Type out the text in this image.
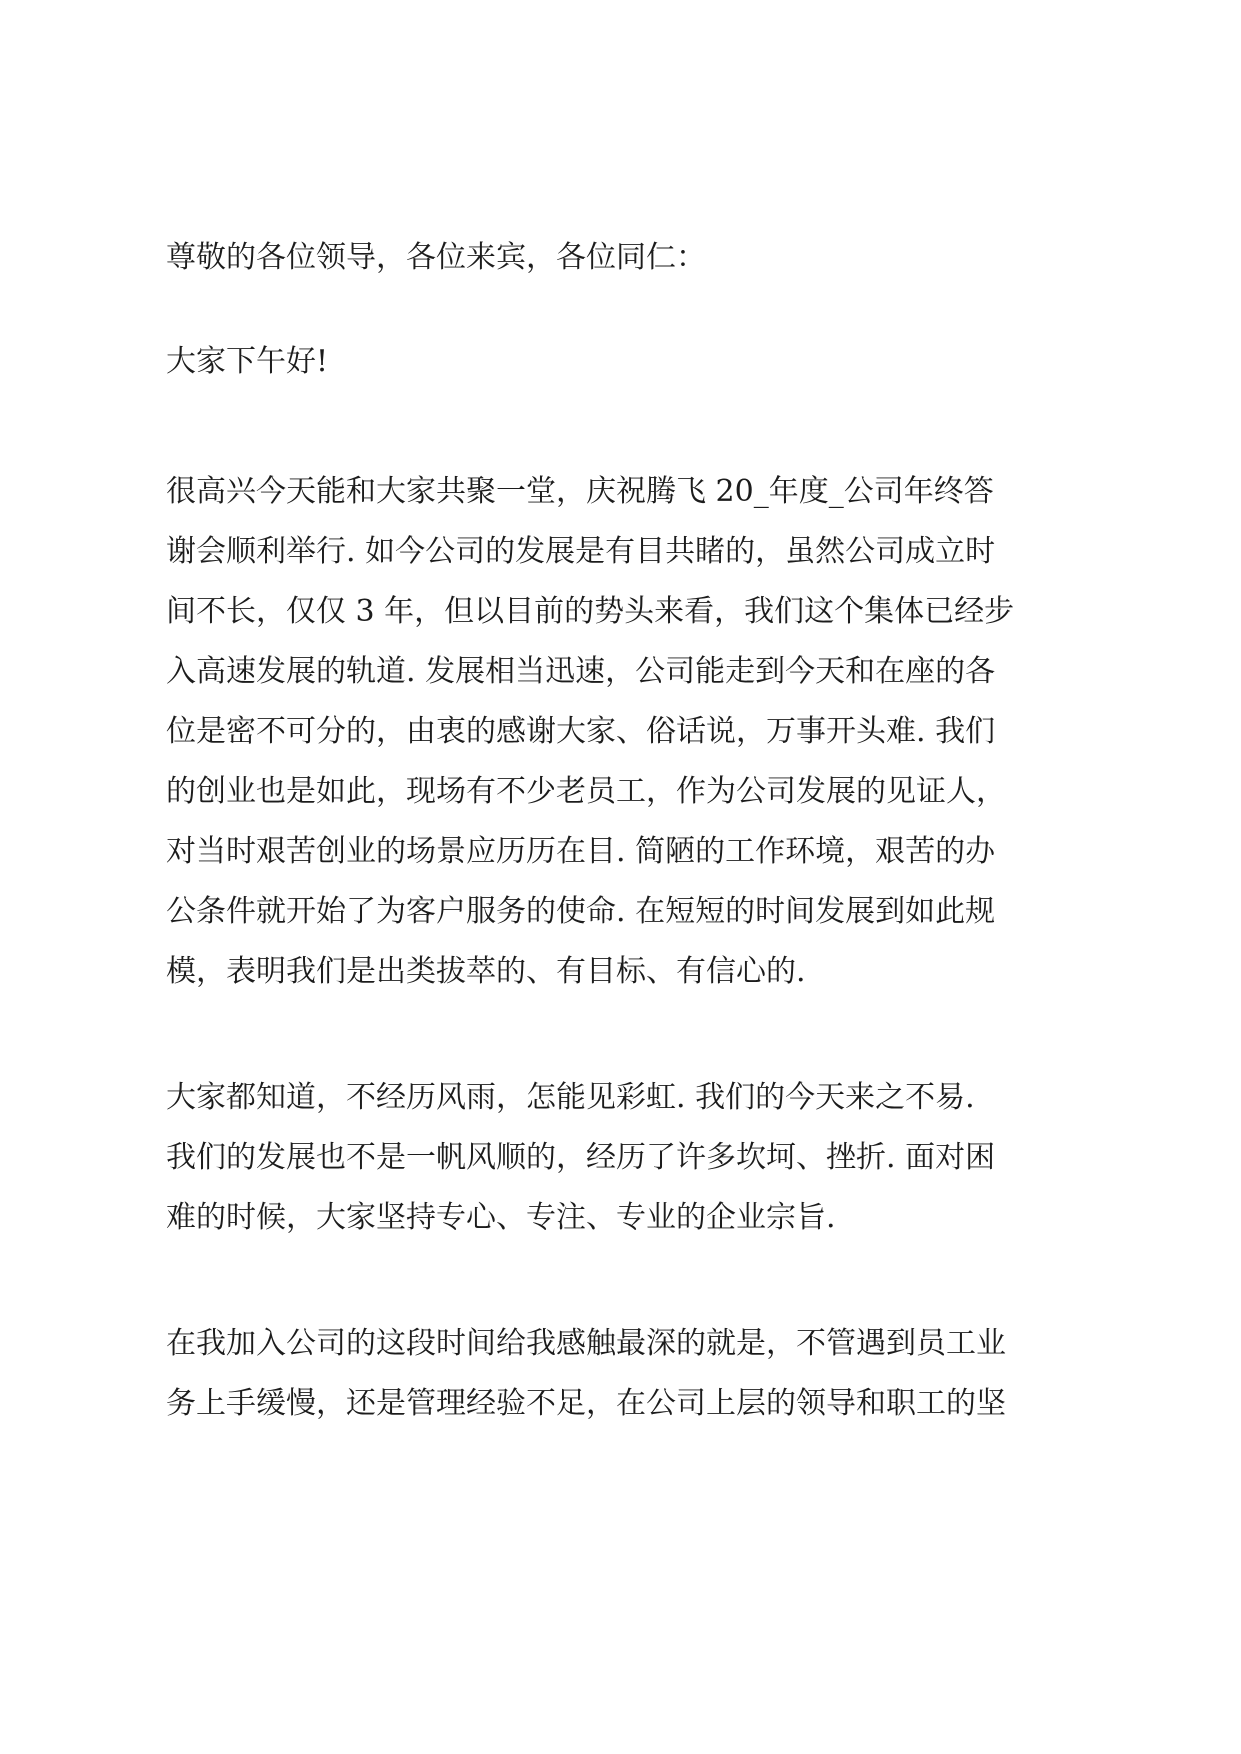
尊敬的各位领导，各位来宾，各位同仁：

大家下午好!

很高兴今天能和大家共聚一堂，庆祝腾飞 20_年度_公司年终答
谢会顺利举行. 如今公司的发展是有目共睹的，虽然公司成立时
间不长，仅仅 3 年，但以目前的势头来看，我们这个集体已经步
入高速发展的轨道. 发展相当迅速，公司能走到今天和在座的各
位是密不可分的，由衷的感谢大家、俗话说，万事开头难. 我们
的创业也是如此，现场有不少老员工，作为公司发展的见证人，
对当时艰苦创业的场景应历历在目. 简陋的工作环境，艰苦的办
公条件就开始了为客户服务的使命. 在短短的时间发展到如此规
模，表明我们是出类拔萃的、有目标、有信心的.
大家都知道，不经历风雨，怎能见彩虹. 我们的今天来之不易.
我们的发展也不是一帆风顺的，经历了许多坎坷、挫折. 面对困
难的时候，大家坚持专心、专注、专业的企业宗旨.
在我加入公司的这段时间给我感触最深的就是，不管遇到员工业
务上手缓慢，还是管理经验不足，在公司上层的领导和职工的坚
